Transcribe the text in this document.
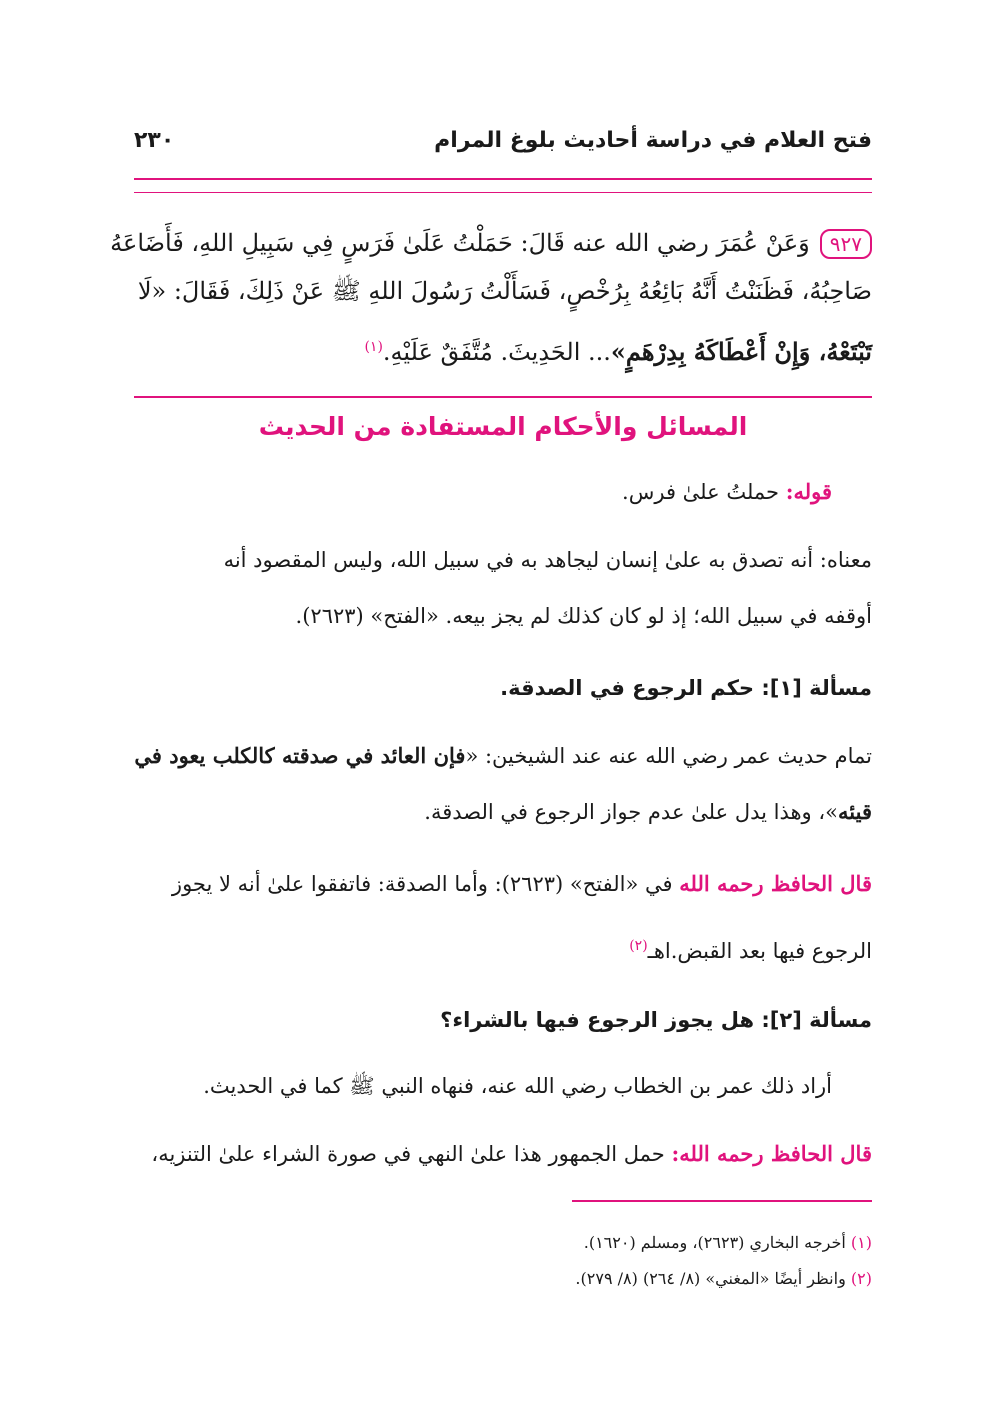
فتح العلام في دراسة أحاديث بلوغ المرام
٢٣٠
٩٢٧وَعَنْ عُمَرَ رضي الله عنه قَالَ: حَمَلْتُ عَلَىٰ فَرَسٍ فِي سَبِيلِ اللهِ، فَأَضَاعَهُ
صَاحِبُهُ، فَظَنَنْتُ أَنَّهُ بَائِعُهُ بِرُخْصٍ، فَسَأَلْتُ رَسُولَ اللهِ ﷺ عَنْ ذَلِكَ، فَقَالَ: «لَا
تَبْتَعْهُ، وَإِنْ أَعْطَاكَهُ بِدِرْهَمٍ»... الحَدِيثَ. مُتَّفَقٌ عَلَيْهِ.$^{(١)}$
المسائل والأحكام المستفادة من الحديث
قوله: حملتُ علىٰ فرس.
معناه: أنه تصدق به علىٰ إنسان ليجاهد به في سبيل الله، وليس المقصود أنه
أوقفه في سبيل الله؛ إذ لو كان كذلك لم يجز بيعه. «الفتح» (٢٦٢٣).
مسألة [١]: حكم الرجوع في الصدقة.
تمام حديث عمر رضي الله عنه عند الشيخين: «فإن العائد في صدقته كالكلب يعود في
قيئه»، وهذا يدل علىٰ عدم جواز الرجوع في الصدقة.
قال الحافظ رحمه الله في «الفتح» (٢٦٢٣): وأما الصدقة: فاتفقوا علىٰ أنه لا يجوز
الرجوع فيها بعد القبض.اهـ$^{(٢)}$
مسألة [٢]: هل يجوز الرجوع فيها بالشراء؟
أراد ذلك عمر بن الخطاب رضي الله عنه، فنهاه النبي ﷺ كما في الحديث.
قال الحافظ رحمه الله: حمل الجمهور هذا علىٰ النهي في صورة الشراء علىٰ التنزيه،
(١) أخرجه البخاري (٢٦٢٣)، ومسلم (١٦٢٠).
(٢) وانظر أيضًا «المغني» (٨/ ٢٦٤) (٨/ ٢٧٩).
